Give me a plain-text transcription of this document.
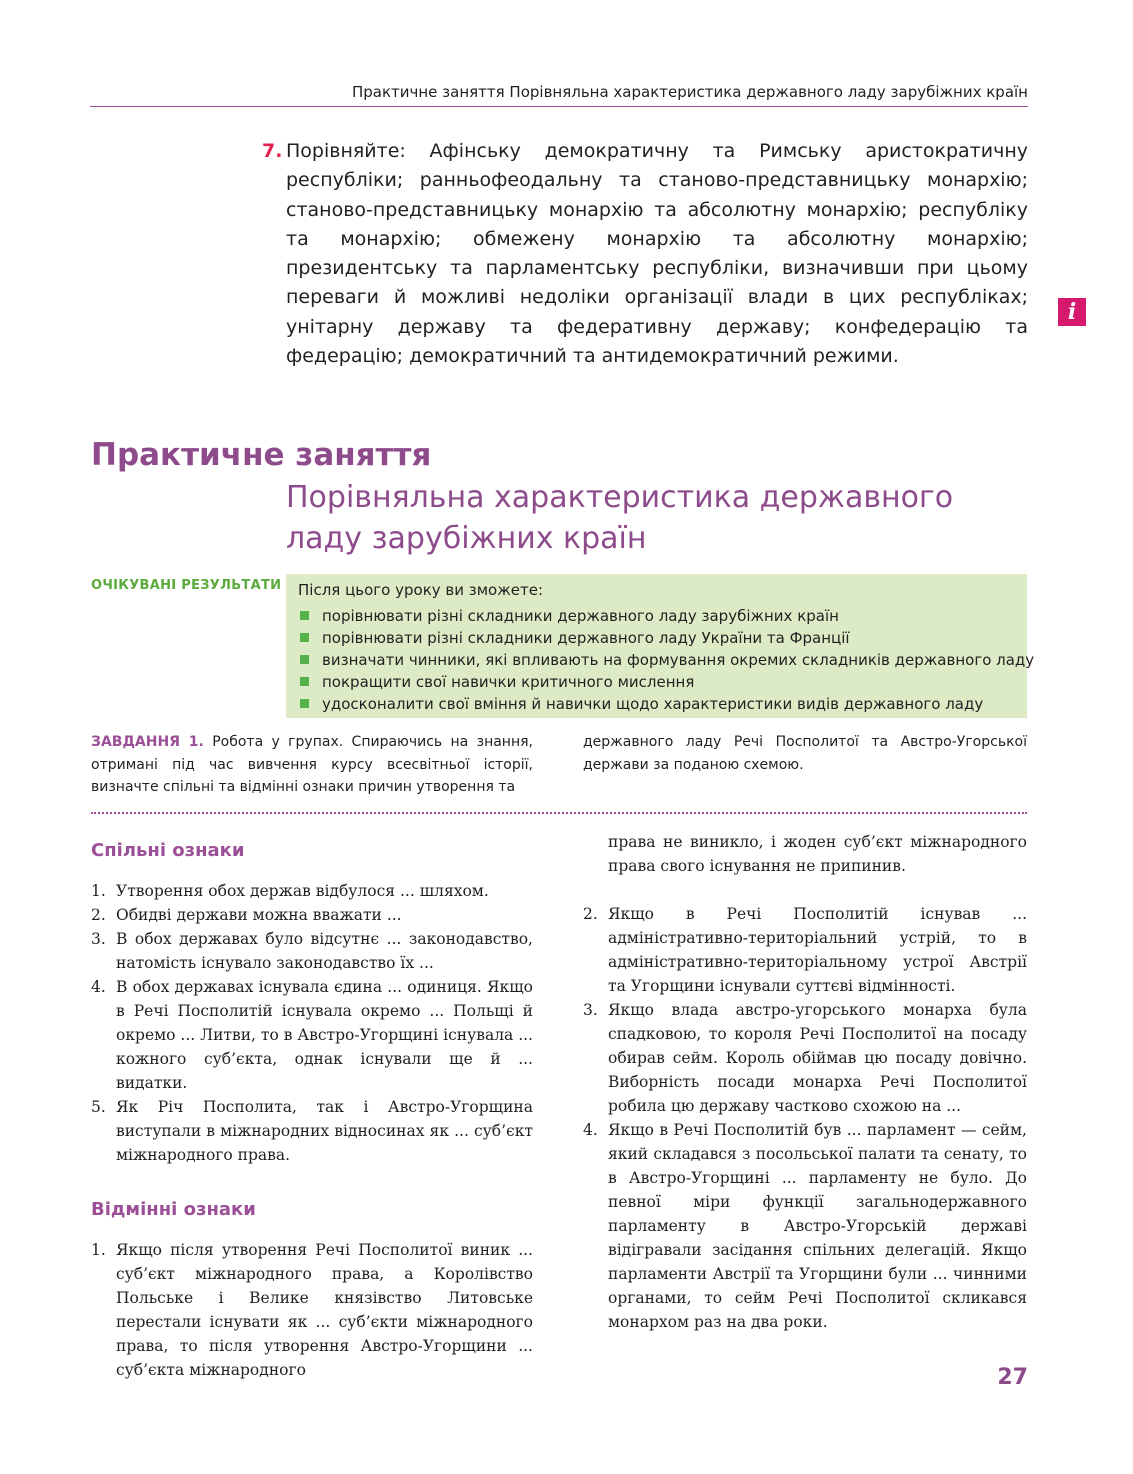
Практичне заняття Порівняльна характеристика державного ладу зарубіжних країн
7. Порівняйте: Афінську демократичну та Римську аристократичну республіки; ранньофеодальну та станово-представницьку монархію; станово-представницьку монархію та абсолютну монархію; республіку та монархію; обмежену монархію та абсолютну монархію; президентську та парламентську республіки, визначивши при цьому переваги й можливі недоліки організації влади в цих республіках; унітарну державу та федеративну державу; конфедерацію та федерацію; демократичний та антидемократичний режими.
i
Практичне заняття
Порівняльна характеристика державного ладу зарубіжних країн
ОЧІКУВАНІ РЕЗУЛЬТАТИ Після цього уроку ви зможете:
порівнювати різні складники державного ладу зарубіжних країн
порівнювати різні складники державного ладу України та Франції
визначати чинники, які впливають на формування окремих складників державного ладу
покращити свої навички критичного мислення
удосконалити свої вміння й навички щодо характеристики видів державного ладу
ЗАВДАННЯ 1. Робота у групах. Спираючись на знання, отримані під час вивчення курсу всесвітньої історії, визначте спільні та відмінні ознаки причин утворення та
державного ладу Речі Посполитої та Австро-Угорської держави за поданою схемою.
Спільні ознаки
1. Утворення обох держав відбулося ... шляхом.
2. Обидві держави можна вважати ...
3. В обох державах було відсутнє ... законодавство, натомість існувало законодавство їх ...
4. В обох державах існувала єдина ... одиниця. Якщо в Речі Посполитій існувала окремо ... Польщі й окремо ... Литви, то в Австро-Угорщині існувала ... кожного суб’єкта, однак існували ще й ... видатки.
5. Як Річ Посполита, так і Австро-Угорщина виступали в міжнародних відносинах як ... суб’єкт міжнародного права.
Відмінні ознаки
1. Якщо після утворення Речі Посполитої виник ... суб’єкт міжнародного права, а Королівство Польське і Велике князівство Литовське перестали існувати як ... суб’єкти міжнародного права, то після утворення Австро-Угорщини ... суб’єкта міжнародного
права не виникло, і жоден суб’єкт міжнародного права свого існування не припинив.
2. Якщо в Речі Посполитій існував ... адміністративно-територіальний устрій, то в адміністративно-територіальному устрої Австрії та Угорщини існували суттєві відмінності.
3. Якщо влада австро-угорського монарха була спадковою, то короля Речі Посполитої на посаду обирав сейм. Король обіймав цю посаду довічно. Виборність посади монарха Речі Посполитої робила цю державу частково схожою на ...
4. Якщо в Речі Посполитій був ... парламент — сейм, який складався з посольської палати та сенату, то в Австро-Угорщині ... парламенту не було. До певної міри функції загальнодержавного парламенту в Австро-Угорській державі відігравали засідання спільних делегацій. Якщо парламенти Австрії та Угорщини були ... чинними органами, то сейм Речі Посполитої скликався монархом раз на два роки.
27
